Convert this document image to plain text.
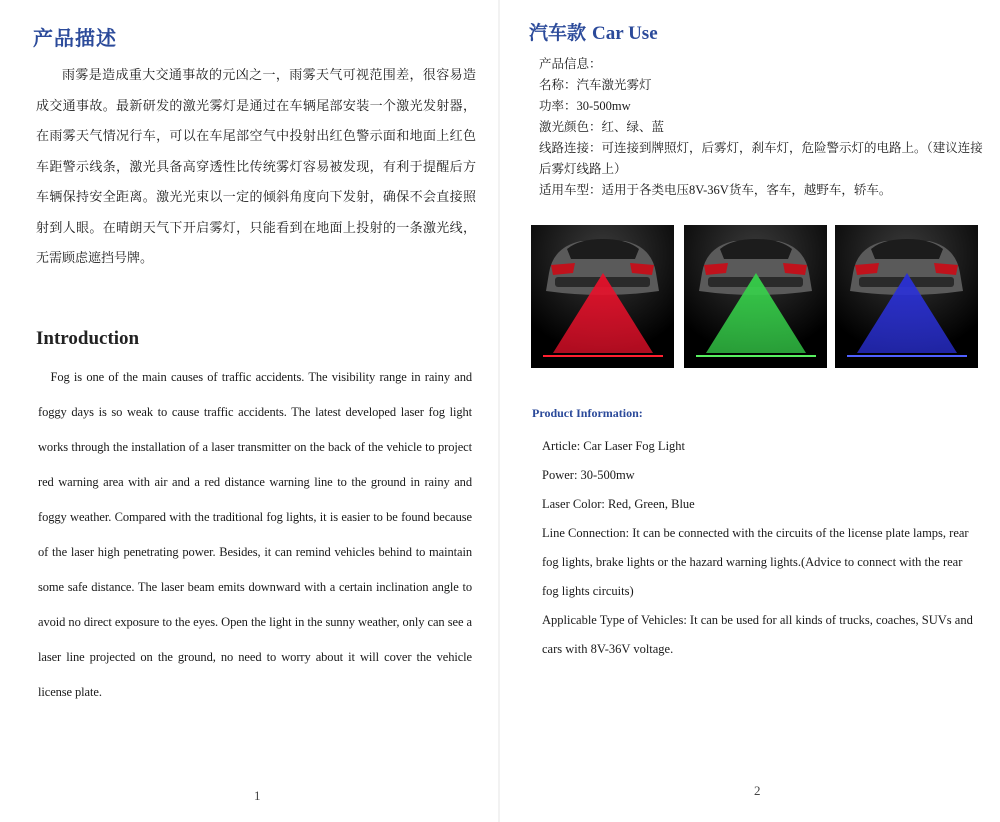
产品描述
雨雾是造成重大交通事故的元凶之一，雨雾天气可视范围差，很容易造成交通事故。最新研发的激光雾灯是通过在车辆尾部安装一个激光发射器，在雨雾天气情况行车，可以在车尾部空气中投射出红色警示面和地面上红色车距警示线条，激光具备高穿透性比传统雾灯容易被发现，有利于提醒后方车辆保持安全距离。激光光束以一定的倾斜角度向下发射，确保不会直接照射到人眼。在晴朗天气下开启雾灯，只能看到在地面上投射的一条激光线，无需顾虑遮挡号牌。
Introduction
Fog is one of the main causes of traffic accidents. The visibility range in rainy and foggy days is so weak to cause traffic accidents. The latest developed laser fog light works through the installation of a laser transmitter on the back of the vehicle to project red warning area with air and a red distance warning line to the ground in rainy and foggy weather. Compared with the traditional fog lights, it is easier to be found because of the laser high penetrating power. Besides, it can remind vehicles behind to maintain some safe distance. The laser beam emits downward with a certain inclination angle to avoid no direct exposure to the eyes. Open the light in the sunny weather, only can see a laser line projected on the ground, no need to worry about it will cover the vehicle license plate.
1
汽车款 Car Use
产品信息：
名称：汽车激光雾灯
功率：30-500mw
激光颜色：红、绿、蓝
线路连接：可连接到牌照灯，后雾灯，刹车灯，危险警示灯的电路上。（建议连接后雾灯线路上）
适用车型：适用于各类电压8V-36V货车，客车，越野车，轿车。
Product Information:
Article: Car Laser Fog Light
Power: 30-500mw
Laser Color: Red, Green, Blue
Line Connection: It can be connected with the circuits of the license plate lamps, rear fog lights, brake lights or the hazard warning lights.(Advice to connect with the rear fog lights circuits)
Applicable Type of Vehicles: It can be used for all kinds of trucks, coaches, SUVs and cars with 8V-36V voltage.
2
